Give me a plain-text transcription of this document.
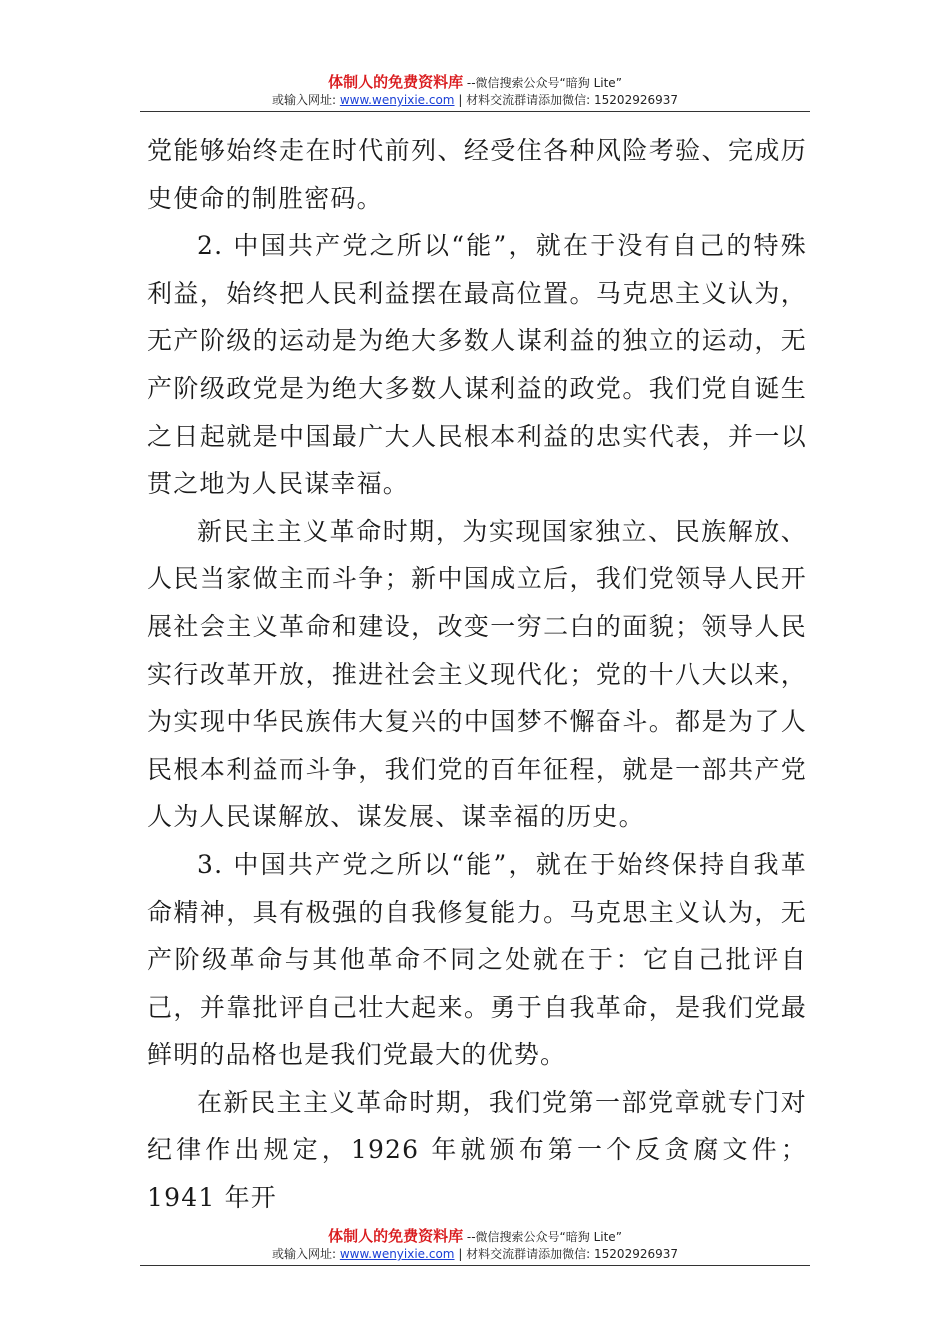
体制人的免费资料库 --微信搜索公众号“暗狗 Lite”
或输入网址: www.wenyixie.com | 材料交流群请添加微信: 15202926937

党能够始终走在时代前列、经受住各种风险考验、完成历史使命的制胜密码。

2. 中国共产党之所以“能”，就在于没有自己的特殊利益，始终把人民利益摆在最高位置。马克思主义认为，无产阶级的运动是为绝大多数人谋利益的独立的运动，无产阶级政党是为绝大多数人谋利益的政党。我们党自诞生之日起就是中国最广大人民根本利益的忠实代表，并一以贯之地为人民谋幸福。

新民主主义革命时期，为实现国家独立、民族解放、人民当家做主而斗争；新中国成立后，我们党领导人民开展社会主义革命和建设，改变一穷二白的面貌；领导人民实行改革开放，推进社会主义现代化；党的十八大以来，为实现中华民族伟大复兴的中国梦不懈奋斗。都是为了人民根本利益而斗争，我们党的百年征程，就是一部共产党人为人民谋解放、谋发展、谋幸福的历史。

3. 中国共产党之所以“能”，就在于始终保持自我革命精神，具有极强的自我修复能力。马克思主义认为，无产阶级革命与其他革命不同之处就在于：它自己批评自己，并靠批评自己壮大起来。勇于自我革命，是我们党最鲜明的品格也是我们党最大的优势。

在新民主主义革命时期，我们党第一部党章就专门对纪律作出规定，1926 年就颁布第一个反贪腐文件；1941 年开

体制人的免费资料库 --微信搜索公众号“暗狗 Lite”
或输入网址: www.wenyixie.com | 材料交流群请添加微信: 15202926937
